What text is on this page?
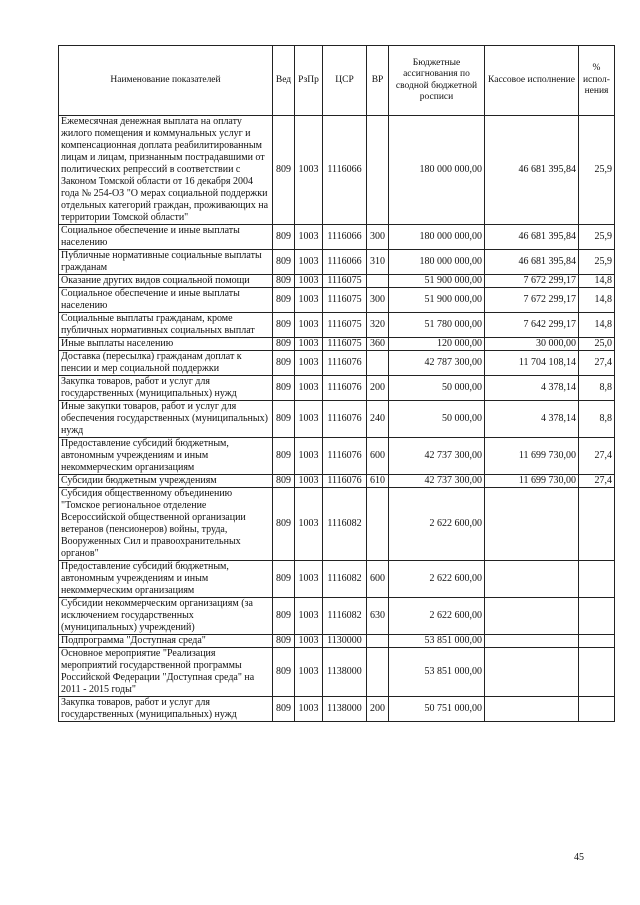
Наименование показателей	Вед	РзПр	ЦСР	ВР	Бюджетные ассигнования по сводной бюджетной росписи	Кассовое исполнение	% испол-нения
Ежемесячная денежная выплата на оплату жилого помещения и коммунальных услуг и компенсационная доплата реабилитированным лицам и лицам, признанным пострадавшими от политических репрессий в соответствии с Законом Томской области от 16 декабря 2004 года № 254-ОЗ "О мерах социальной поддержки отдельных категорий граждан, проживающих на территории Томской области"	809	1003	1116066		180 000 000,00	46 681 395,84	25,9
Социальное обеспечение и иные выплаты населению	809	1003	1116066	300	180 000 000,00	46 681 395,84	25,9
Публичные нормативные социальные выплаты гражданам	809	1003	1116066	310	180 000 000,00	46 681 395,84	25,9
Оказание других видов социальной помощи	809	1003	1116075		51 900 000,00	7 672 299,17	14,8
Социальное обеспечение и иные выплаты населению	809	1003	1116075	300	51 900 000,00	7 672 299,17	14,8
Социальные выплаты гражданам, кроме публичных нормативных социальных выплат	809	1003	1116075	320	51 780 000,00	7 642 299,17	14,8
Иные выплаты населению	809	1003	1116075	360	120 000,00	30 000,00	25,0
Доставка (пересылка) гражданам доплат к пенсии и мер социальной поддержки	809	1003	1116076		42 787 300,00	11 704 108,14	27,4
Закупка товаров, работ и услуг для государственных (муниципальных) нужд	809	1003	1116076	200	50 000,00	4 378,14	8,8
Иные закупки товаров, работ и услуг для обеспечения государственных (муниципальных) нужд	809	1003	1116076	240	50 000,00	4 378,14	8,8
Предоставление субсидий бюджетным, автономным учреждениям и иным некоммерческим организациям	809	1003	1116076	600	42 737 300,00	11 699 730,00	27,4
Субсидии бюджетным учреждениям	809	1003	1116076	610	42 737 300,00	11 699 730,00	27,4
Субсидия общественному объединению "Томское региональное отделение Всероссийской общественной организации ветеранов (пенсионеров) войны, труда, Вооруженных Сил и правоохранительных органов"	809	1003	1116082		2 622 600,00		
Предоставление субсидий бюджетным, автономным учреждениям и иным некоммерческим организациям	809	1003	1116082	600	2 622 600,00		
Субсидии некоммерческим организациям (за исключением государственных (муниципальных) учреждений)	809	1003	1116082	630	2 622 600,00		
Подпрограмма "Доступная среда"	809	1003	1130000		53 851 000,00		
Основное мероприятие "Реализация мероприятий государственной программы Российской Федерации "Доступная среда" на 2011 - 2015 годы"	809	1003	1138000		53 851 000,00		
Закупка товаров, работ и услуг для государственных (муниципальных) нужд	809	1003	1138000	200	50 751 000,00		
45
